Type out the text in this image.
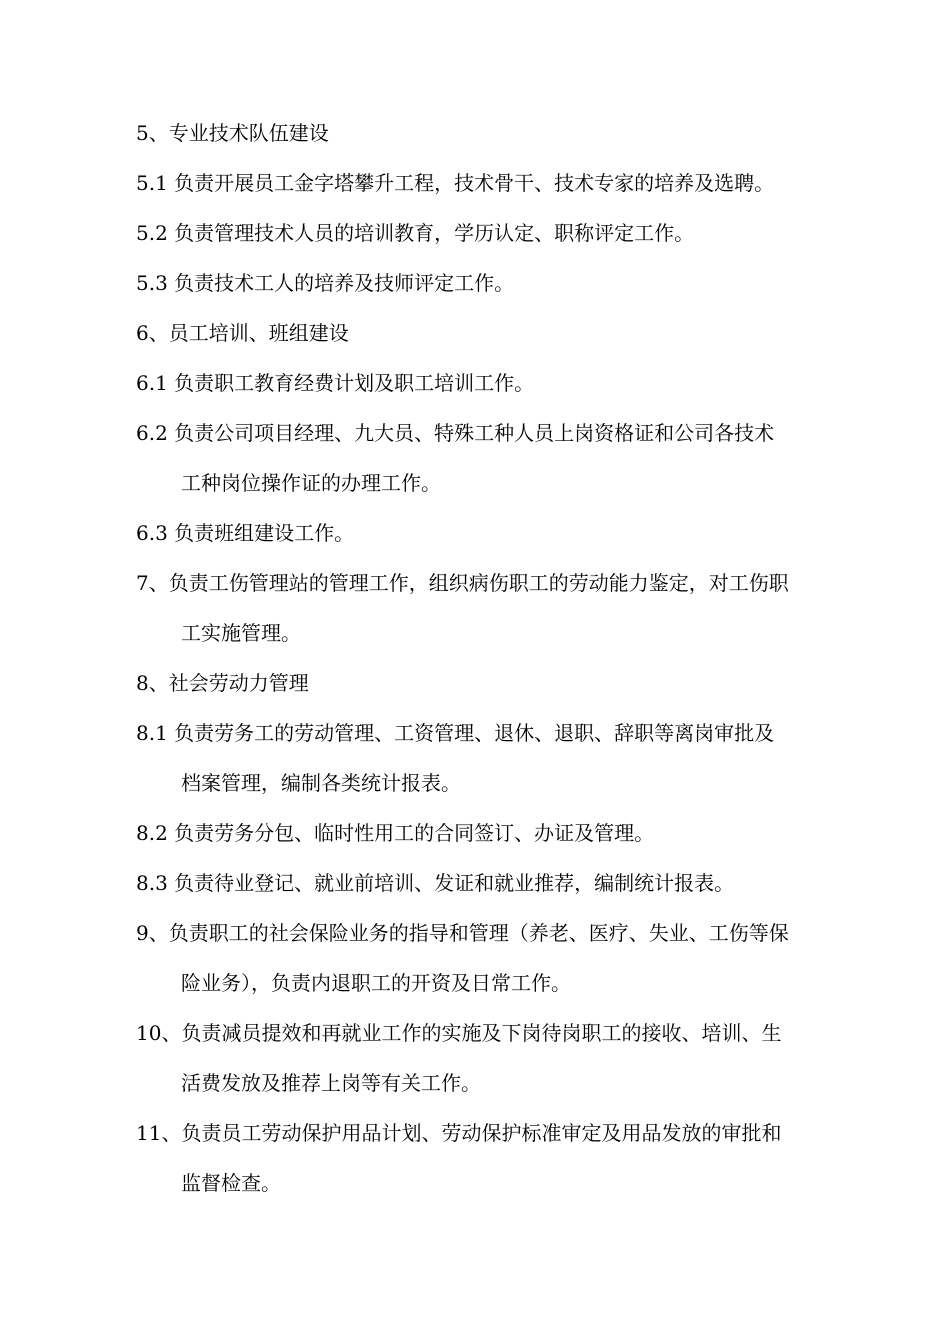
5、专业技术队伍建设
5.1 负责开展员工金字塔攀升工程，技术骨干、技术专家的培养及选聘。
5.2 负责管理技术人员的培训教育，学历认定、职称评定工作。
5.3 负责技术工人的培养及技师评定工作。
6、员工培训、班组建设
6.1 负责职工教育经费计划及职工培训工作。
6.2 负责公司项目经理、九大员、特殊工种人员上岗资格证和公司各技术
工种岗位操作证的办理工作。
6.3 负责班组建设工作。
7、负责工伤管理站的管理工作，组织病伤职工的劳动能力鉴定，对工伤职
工实施管理。
8、社会劳动力管理
8.1 负责劳务工的劳动管理、工资管理、退休、退职、辞职等离岗审批及
档案管理，编制各类统计报表。
8.2 负责劳务分包、临时性用工的合同签订、办证及管理。
8.3 负责待业登记、就业前培训、发证和就业推荐，编制统计报表。
9、负责职工的社会保险业务的指导和管理（养老、医疗、失业、工伤等保
险业务），负责内退职工的开资及日常工作。
10、负责减员提效和再就业工作的实施及下岗待岗职工的接收、培训、生
活费发放及推荐上岗等有关工作。
11、负责员工劳动保护用品计划、劳动保护标准审定及用品发放的审批和
监督检查。
